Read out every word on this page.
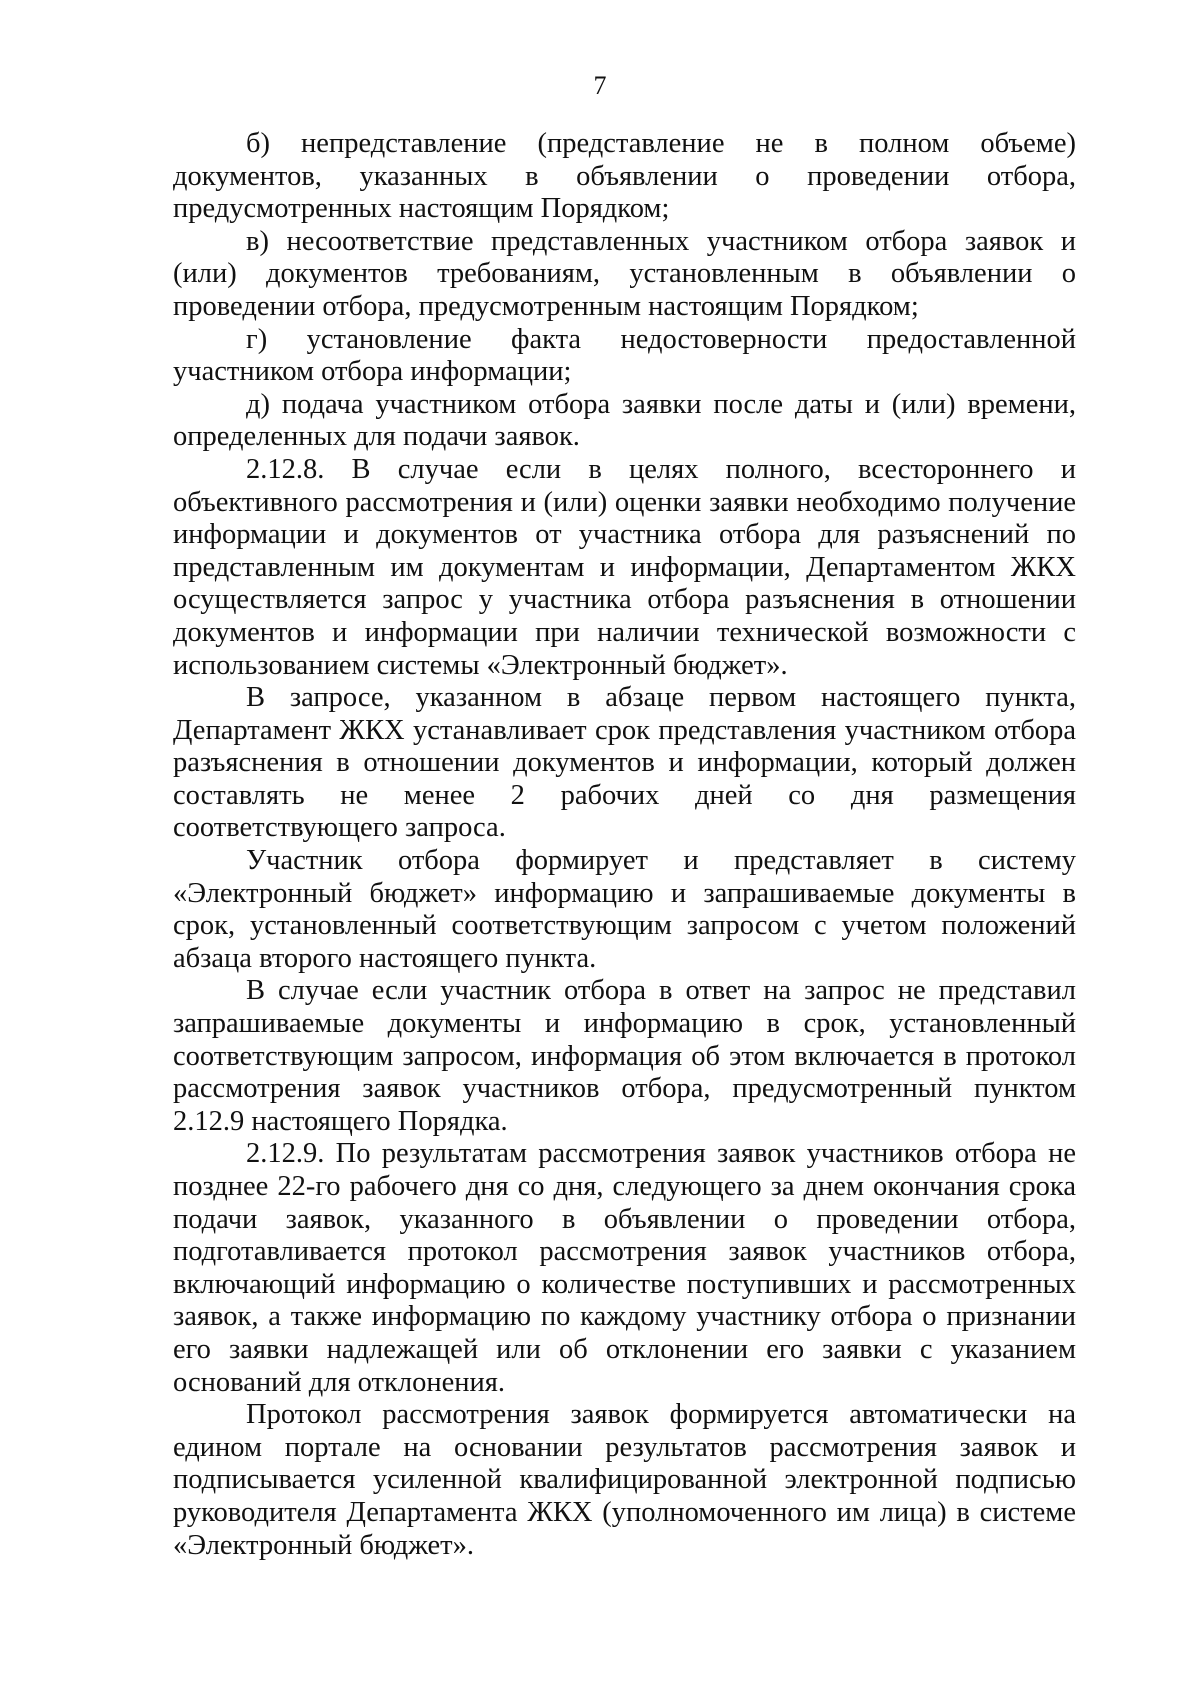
7

б) непредставление (представление не в полном объеме) документов, указанных в объявлении о проведении отбора, предусмотренных настоящим Порядком;

в) несоответствие представленных участником отбора заявок и (или) документов требованиям, установленным в объявлении о проведении отбора, предусмотренным настоящим Порядком;

г) установление факта недостоверности предоставленной участником отбора информации;

д) подача участником отбора заявки после даты и (или) времени, определенных для подачи заявок.

2.12.8. В случае если в целях полного, всестороннего и объективного рассмотрения и (или) оценки заявки необходимо получение информации и документов от участника отбора для разъяснений по представленным им документам и информации, Департаментом ЖКХ осуществляется запрос у участника отбора разъяснения в отношении документов и информации при наличии технической возможности с использованием системы «Электронный бюджет».

В запросе, указанном в абзаце первом настоящего пункта, Департамент ЖКХ устанавливает срок представления участником отбора разъяснения в отношении документов и информации, который должен составлять не менее 2 рабочих дней со дня размещения соответствующего запроса.

Участник отбора формирует и представляет в систему «Электронный бюджет» информацию и запрашиваемые документы в срок, установленный соответствующим запросом с учетом положений абзаца второго настоящего пункта.

В случае если участник отбора в ответ на запрос не представил запрашиваемые документы и информацию в срок, установленный соответствующим запросом, информация об этом включается в протокол рассмотрения заявок участников отбора, предусмотренный пунктом 2.12.9 настоящего Порядка.

2.12.9. По результатам рассмотрения заявок участников отбора не позднее 22-го рабочего дня со дня, следующего за днем окончания срока подачи заявок, указанного в объявлении о проведении отбора, подготавливается протокол рассмотрения заявок участников отбора, включающий информацию о количестве поступивших и рассмотренных заявок, а также информацию по каждому участнику отбора о признании его заявки надлежащей или об отклонении его заявки с указанием оснований для отклонения.

Протокол рассмотрения заявок формируется автоматически на едином портале на основании результатов рассмотрения заявок и подписывается усиленной квалифицированной электронной подписью руководителя Департамента ЖКХ (уполномоченного им лица) в системе «Электронный бюджет».
